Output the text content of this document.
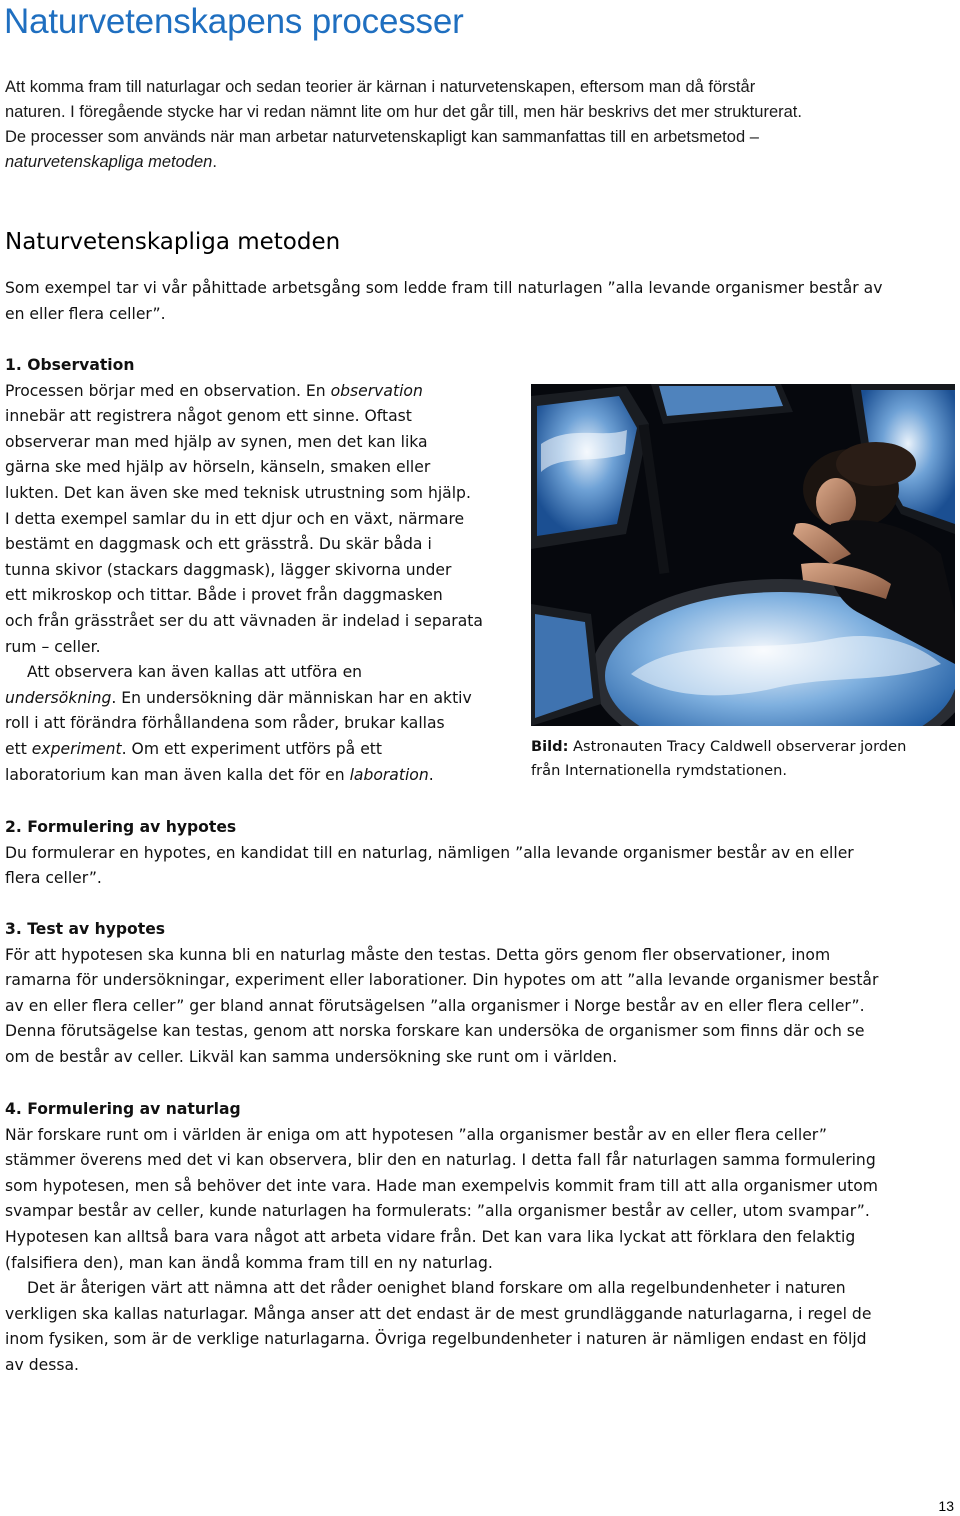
Naturvetenskapens processer
Att komma fram till naturlagar och sedan teorier är kärnan i naturvetenskapen, eftersom man då förstår
naturen. I föregående stycke har vi redan nämnt lite om hur det går till, men här beskrivs det mer strukturerat.
De processer som används när man arbetar naturvetenskapligt kan sammanfattas till en arbetsmetod –
naturvetenskapliga metoden.
Naturvetenskapliga metoden
Som exempel tar vi vår påhittade arbetsgång som ledde fram till naturlagen ”alla levande organismer består av
en eller flera celler”.
1. Observation

Processen börjar med en observation. En observation
innebär att registrera något genom ett sinne. Oftast
observerar man med hjälp av synen, men det kan lika
gärna ske med hjälp av hörseln, känseln, smaken eller
lukten. Det kan även ske med teknisk utrustning som hjälp.
I detta exempel samlar du in ett djur och en växt, närmare
bestämt en daggmask och ett grässtrå. Du skär båda i
tunna skivor (stackars daggmask), lägger skivorna under
ett mikroskop och tittar. Både i provet från daggmasken
och från grässtrået ser du att vävnaden är indelad i separata
rum – celler.
Att observera kan även kallas att utföra en
undersökning. En undersökning där människan har en aktiv
roll i att förändra förhållandena som råder, brukar kallas
ett experiment. Om ett experiment utförs på ett
laboratorium kan man även kalla det för en laboration.

Bild: Astronauten Tracy Caldwell observerar jorden
från Internationella rymdstationen.

2. Formulering av hypotes
Du formulerar en hypotes, en kandidat till en naturlag, nämligen ”alla levande organismer består av en eller
flera celler”.
3. Test av hypotes
För att hypotesen ska kunna bli en naturlag måste den testas. Detta görs genom fler observationer, inom
ramarna för undersökningar, experiment eller laborationer. Din hypotes om att ”alla levande organismer består
av en eller flera celler” ger bland annat förutsägelsen ”alla organismer i Norge består av en eller flera celler”.
Denna förutsägelse kan testas, genom att norska forskare kan undersöka de organismer som finns där och se
om de består av celler. Likväl kan samma undersökning ske runt om i världen.
4. Formulering av naturlag
När forskare runt om i världen är eniga om att hypotesen ”alla organismer består av en eller flera celler”
stämmer överens med det vi kan observera, blir den en naturlag. I detta fall får naturlagen samma formulering
som hypotesen, men så behöver det inte vara. Hade man exempelvis kommit fram till att alla organismer utom
svampar består av celler, kunde naturlagen ha formulerats: ”alla organismer består av celler, utom svampar”.
Hypotesen kan alltså bara vara något att arbeta vidare från. Det kan vara lika lyckat att förklara den felaktig
(falsifiera den), man kan ändå komma fram till en ny naturlag.
Det är återigen värt att nämna att det råder oenighet bland forskare om alla regelbundenheter i naturen
verkligen ska kallas naturlagar. Många anser att det endast är de mest grundläggande naturlagarna, i regel de
inom fysiken, som är de verklige naturlagarna. Övriga regelbundenheter i naturen är nämligen endast en följd
av dessa.
13
